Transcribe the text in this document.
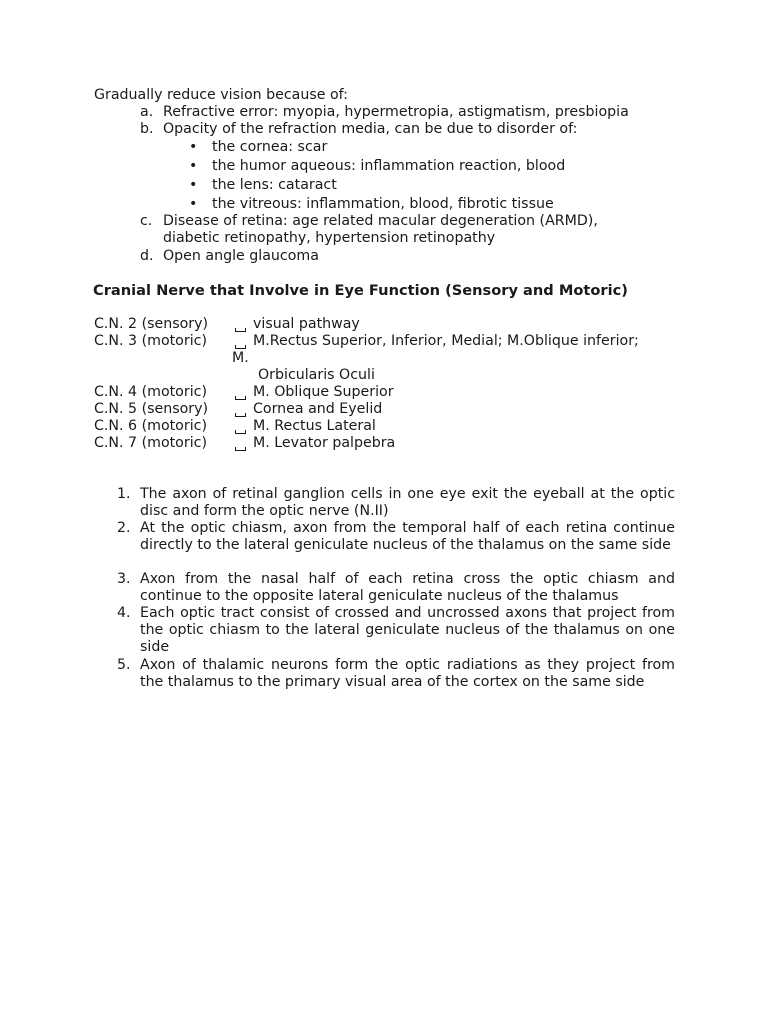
Gradually reduce vision because of:
a. Refractive error: myopia, hypermetropia, astigmatism, presbiopia
b. Opacity of the refraction media, can be due to disorder of:
• the cornea: scar
• the humor aqueous: inflammation reaction, blood
• the lens: cataract
• the vitreous: inflammation, blood, fibrotic tissue
c. Disease of retina: age related macular degeneration (ARMD),
diabetic retinopathy, hypertension retinopathy
d. Open angle glaucoma
Cranial Nerve that Involve in Eye Function (Sensory and Motoric)
C.N. 2 (sensory)	visual pathway
C.N. 3 (motoric)	M.Rectus Superior, Inferior, Medial; M.Oblique inferior;
M.
Orbicularis Oculi
C.N. 4 (motoric)	M. Oblique Superior
C.N. 5 (sensory)	Cornea and Eyelid
C.N. 6 (motoric)	M. Rectus Lateral
C.N. 7 (motoric)	M. Levator palpebra
1. The axon of retinal ganglion cells in one eye exit the eyeball at the optic disc and form the optic nerve (N.II)
2. At the optic chiasm, axon from the temporal half of each retina continue directly to the lateral geniculate nucleus of the thalamus on the same side
3. Axon from the nasal half of each retina cross the optic chiasm and continue to the opposite lateral geniculate nucleus of the thalamus
4. Each optic tract consist of crossed and uncrossed axons that project from the optic chiasm to the lateral geniculate nucleus of the thalamus on one side
5. Axon of thalamic neurons form the optic radiations as they project from the thalamus to the primary visual area of the cortex on the same side
